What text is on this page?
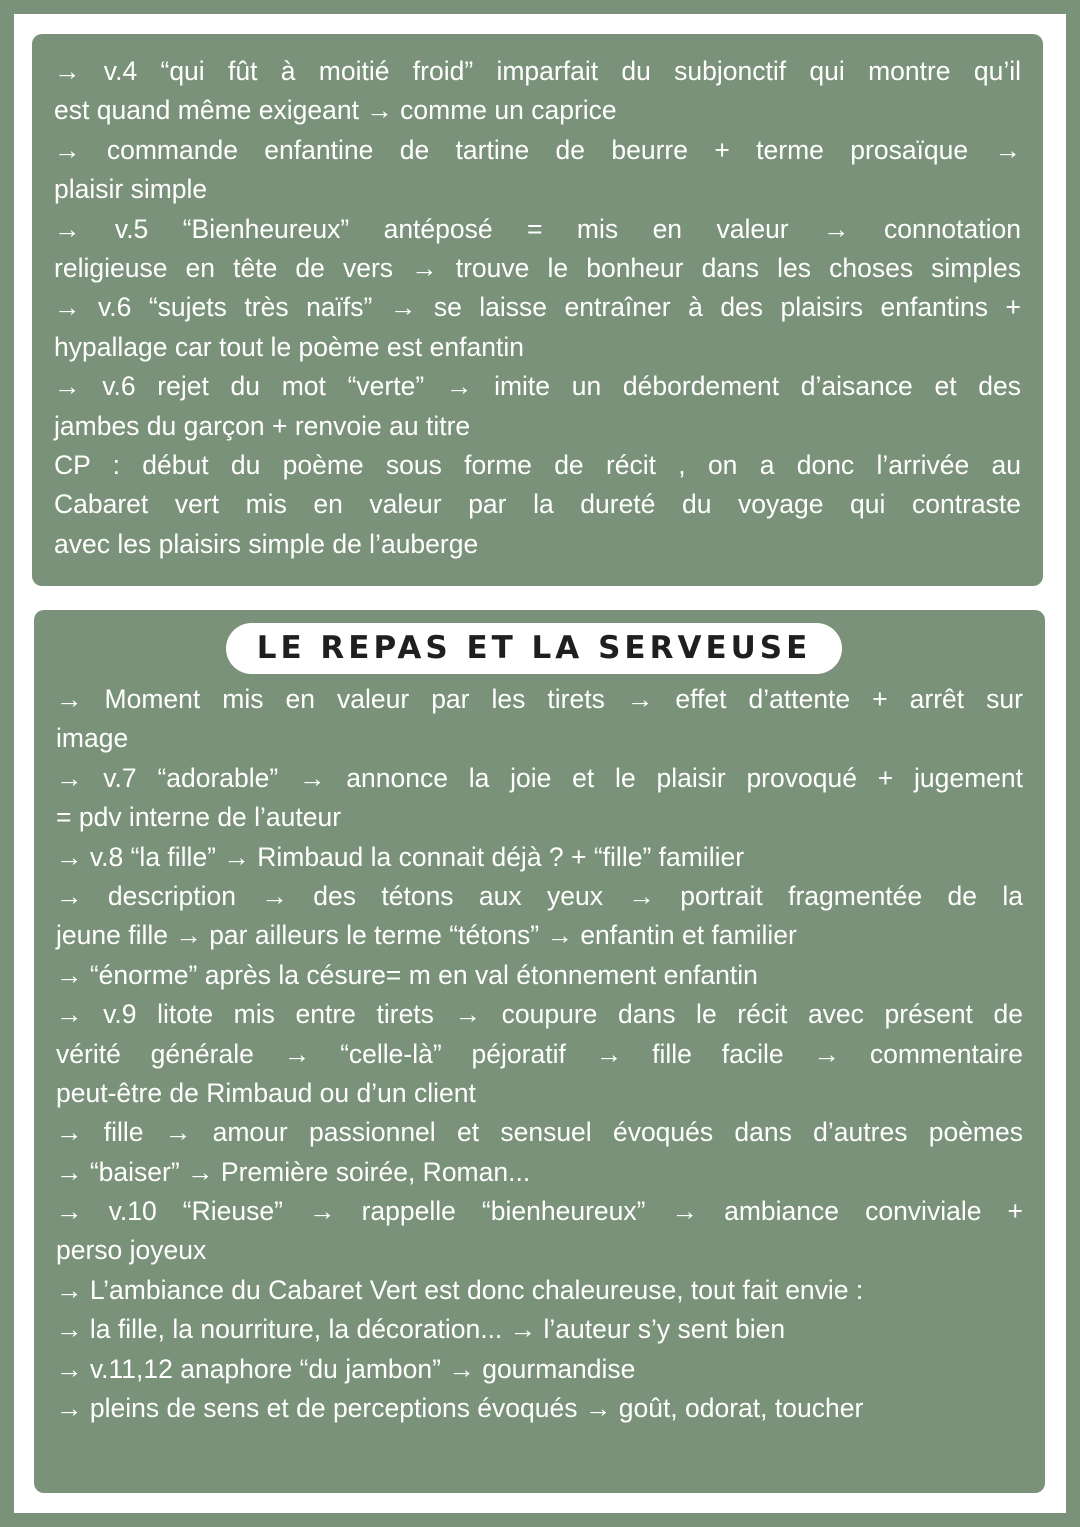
→ v.4 “qui fût à moitié froid” imparfait du subjonctif qui montre qu’il
est quand même exigeant → comme un caprice
→ commande enfantine de tartine de beurre + terme prosaïque →
plaisir simple
→ v.5 “Bienheureux” antéposé = mis en valeur → connotation
religieuse en tête de vers → trouve le bonheur dans les choses simples
→ v.6 “sujets très naïfs” → se laisse entraîner à des plaisirs enfantins +
hypallage car tout le poème est enfantin
→ v.6 rejet du mot “verte” → imite un débordement d’aisance et des
jambes du garçon + renvoie au titre
CP : début du poème sous forme de récit , on a donc l’arrivée au
Cabaret vert mis en valeur par la dureté du voyage qui contraste
avec les plaisirs simple de l’auberge
LE REPAS ET LA SERVEUSE
→ Moment mis en valeur par les tirets → effet d’attente + arrêt sur
image
→ v.7 “adorable” → annonce la joie et le plaisir provoqué + jugement
= pdv interne de l’auteur
→ v.8 “la fille” → Rimbaud la connait déjà ? + “fille” familier
→ description → des tétons aux yeux → portrait fragmentée de la
jeune fille → par ailleurs le terme “tétons” → enfantin et familier
→ “énorme” après la césure= m en val étonnement enfantin
→ v.9 litote mis entre tirets → coupure dans le récit avec présent de
vérité générale → “celle-là” péjoratif → fille facile → commentaire
peut-être de Rimbaud ou d’un client
→ fille → amour passionnel et sensuel évoqués dans d’autres poèmes
→ “baiser” → Première soirée, Roman...
→ v.10 “Rieuse” → rappelle “bienheureux” → ambiance conviviale +
perso joyeux
→ L’ambiance du Cabaret Vert est donc chaleureuse, tout fait envie :
→ la fille, la nourriture, la décoration... → l’auteur s’y sent bien
→ v.11,12 anaphore “du jambon” → gourmandise
→ pleins de sens et de perceptions évoqués → goût, odorat, toucher
